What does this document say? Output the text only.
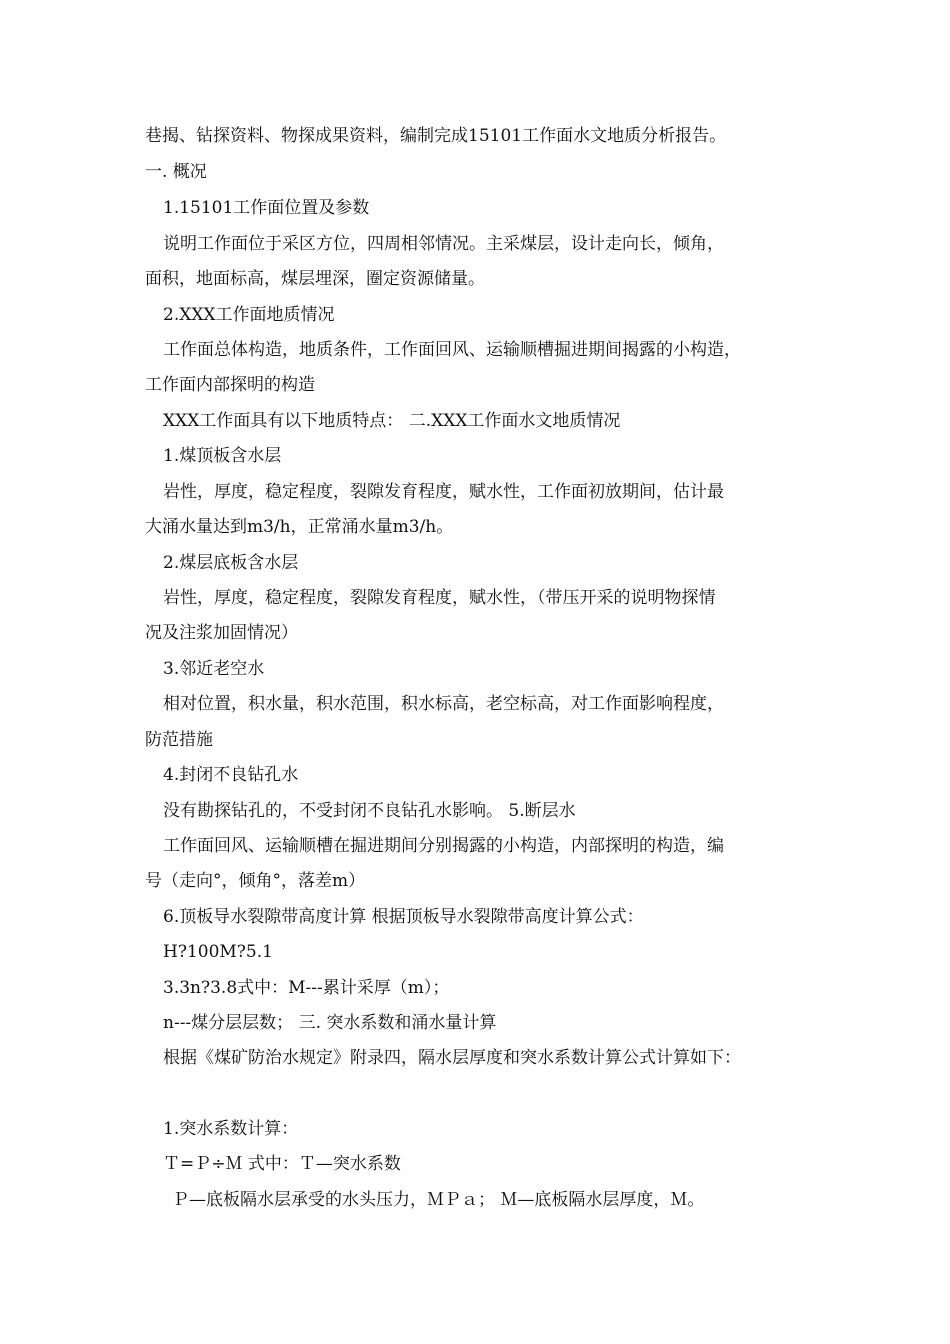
巷揭、钻探资料、物探成果资料，编制完成15101工作面水文地质分析报告。
一. 概况
1.15101工作面位置及参数
说明工作面位于采区方位，四周相邻情况。主采煤层，设计走向长，倾角，
面积，地面标高，煤层埋深，圈定资源储量。
2.XXX工作面地质情况
工作面总体构造，地质条件，工作面回风、运输顺槽掘进期间揭露的小构造，
工作面内部探明的构造
XXX工作面具有以下地质特点： 二.XXX工作面水文地质情况
1.煤顶板含水层
岩性，厚度，稳定程度，裂隙发育程度，赋水性，工作面初放期间，估计最
大涌水量达到m3/h，正常涌水量m3/h。
2.煤层底板含水层
岩性，厚度，稳定程度，裂隙发育程度，赋水性，（带压开采的说明物探情
况及注浆加固情况）
3.邻近老空水
相对位置，积水量，积水范围，积水标高，老空标高，对工作面影响程度，
防范措施
4.封闭不良钻孔水
没有勘探钻孔的，不受封闭不良钻孔水影响。 5.断层水
工作面回风、运输顺槽在掘进期间分别揭露的小构造，内部探明的构造，编
号（走向°，倾角°，落差m）
6.顶板导水裂隙带高度计算 根据顶板导水裂隙带高度计算公式：
H?100M?5.1
3.3n?3.8式中：M---累计采厚（m）；
n---煤分层层数； 三. 突水系数和涌水量计算
根据《煤矿防治水规定》附录四，隔水层厚度和突水系数计算公式计算如下：
1.突水系数计算：
Ｔ=Ｐ÷Ｍ 式中：Ｔ—突水系数
Ｐ—底板隔水层承受的水头压力，ＭＰａ； Ｍ—底板隔水层厚度，Ｍ。
